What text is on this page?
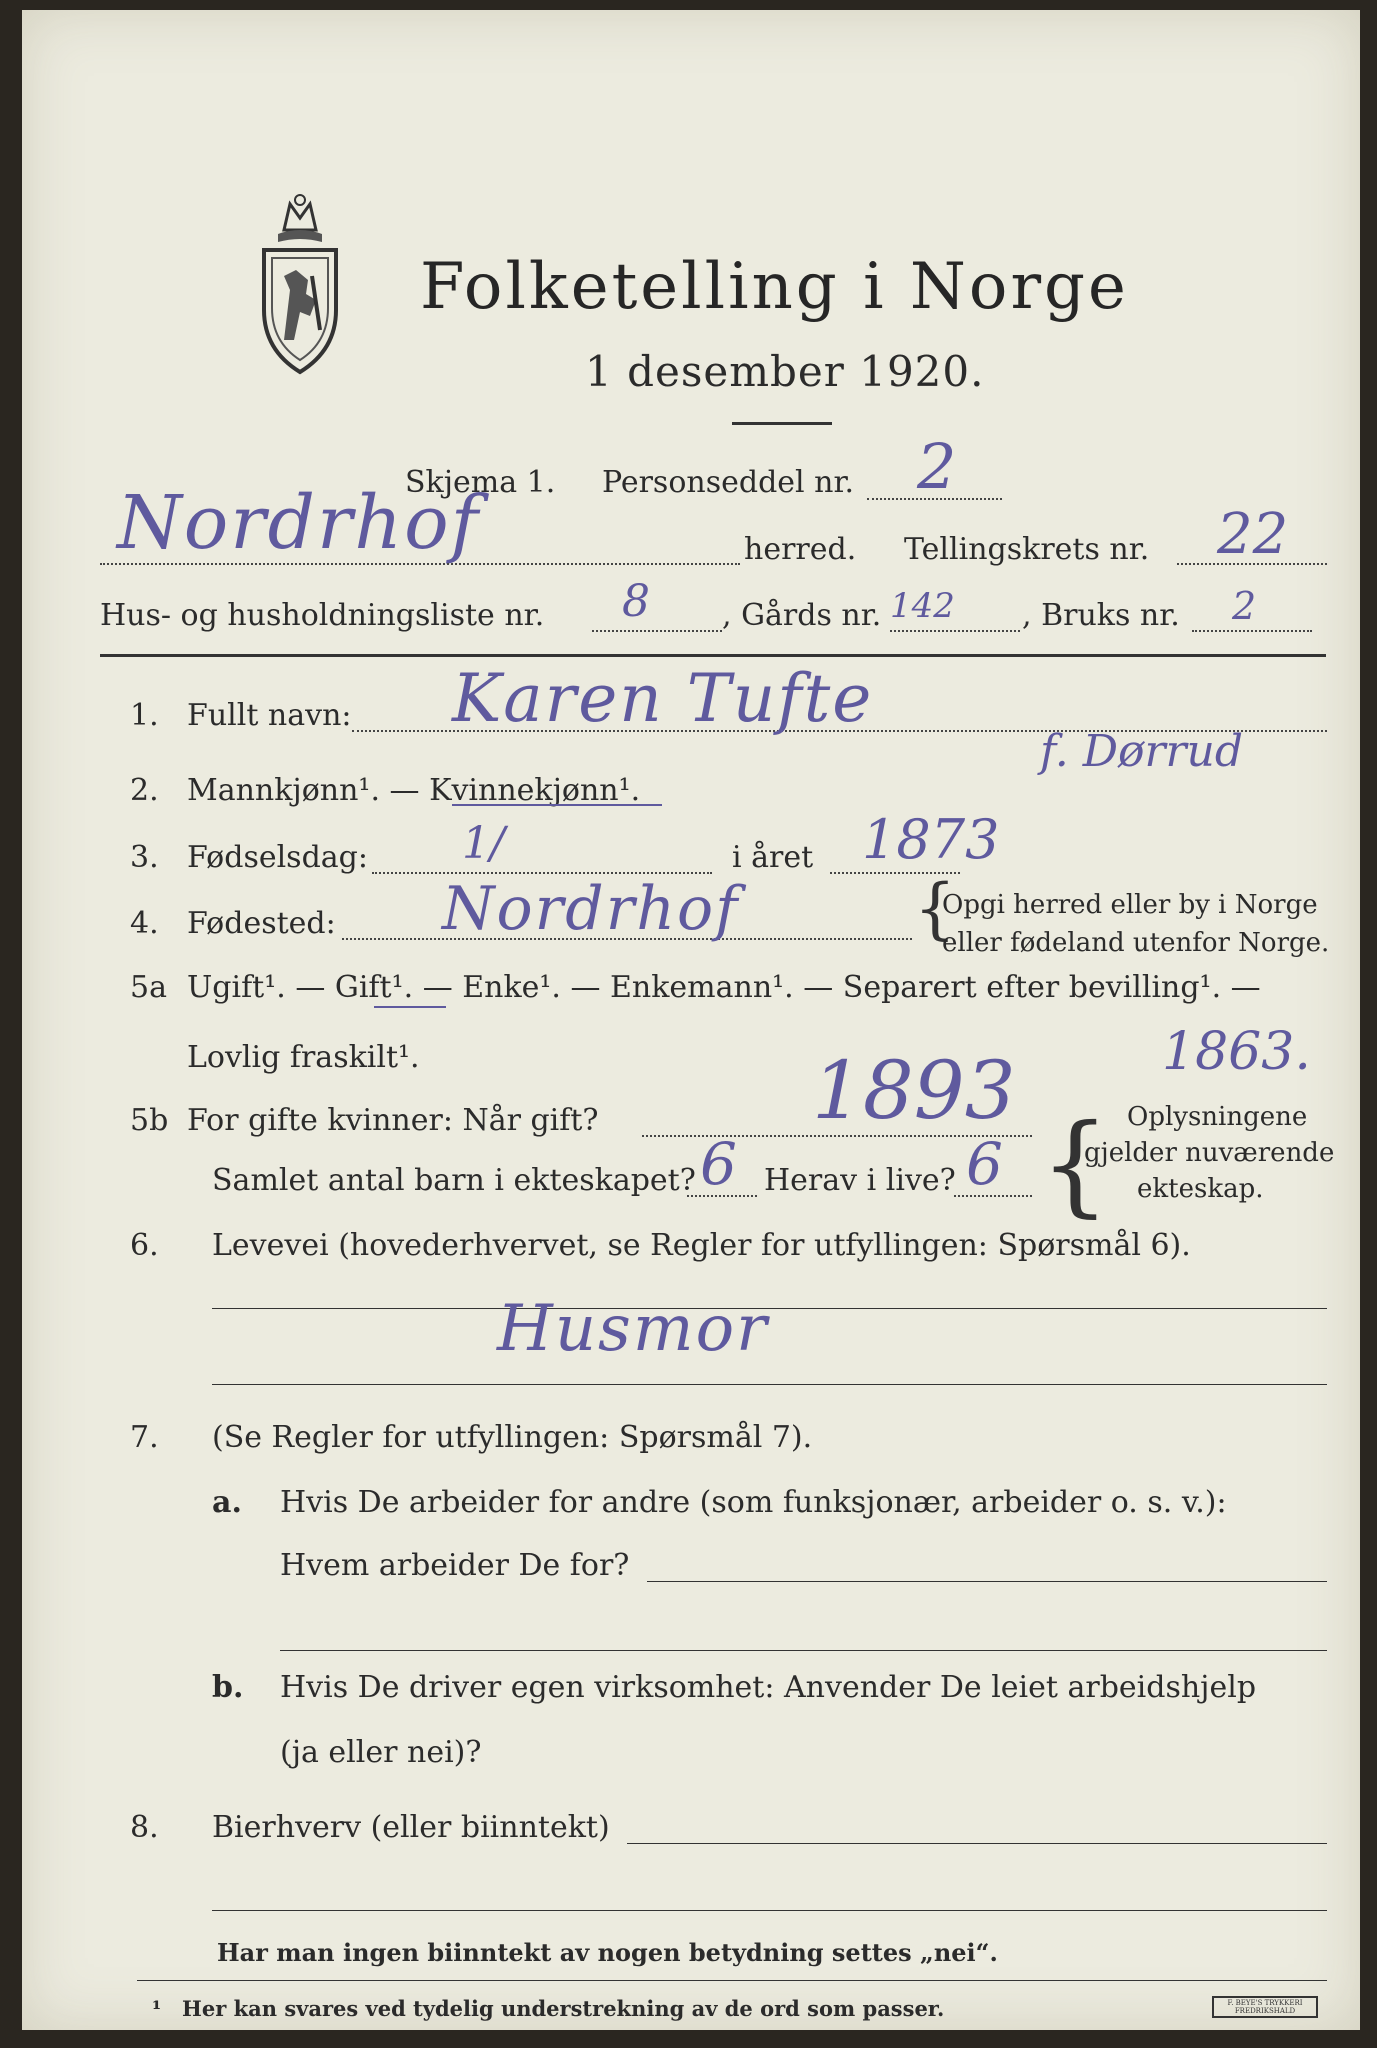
Folketelling i Norge
1 desember 1920.
Skjema 1. Personseddel nr. 2
Nordrhof	herred. Tellingskrets nr. 22
Hus- og husholdningsliste nr. 8 , Gårds nr. 142 , Bruks nr. 2
1. Fullt navn: Karen Tufte
f. Dørrud
2. Mannkjønn¹. — Kvinnekjønn¹.
3. Fødselsdag: 1/	i året 1873
4. Fødested: Nordrhof	{
Opgi herred eller by i Norge
eller fødeland utenfor Norge.
5a Ugift¹. — Gift¹. — Enke¹. — Enkemann¹. — Separert efter bevilling¹. —
Lovlig fraskilt¹.	1863.
5b For gifte kvinner: Når gift?	1893
Samlet antal barn i ekteskapet? 6 Herav i live? 6 { Oplysningene
gjelder nuværende
ekteskap.
6. Levevei (hovederhvervet, se Regler for utfyllingen: Spørsmål 6).
Husmor
7. (Se Regler for utfyllingen: Spørsmål 7).
a. Hvis De arbeider for andre (som funksjonær, arbeider o. s. v.):
Hvem arbeider De for?
b. Hvis De driver egen virksomhet: Anvender De leiet arbeidshjelp
(ja eller nei)?
8. Bierhverv (eller biinntekt)
Har man ingen biinntekt av nogen betydning settes „nei“.
¹ Her kan svares ved tydelig understrekning av de ord som passer.	F. BEYE'S TRYKKERI FREDRIKSHALD
